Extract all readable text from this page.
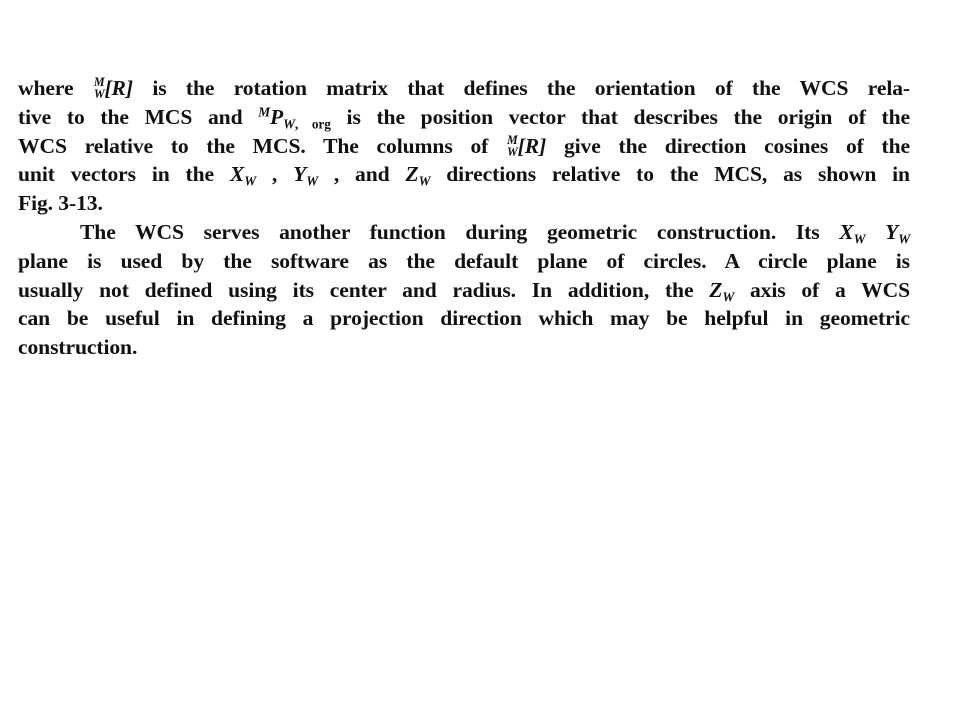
where M
W [R] is the rotation matrix that defines the orientation of the WCS rela-
tive to the MCS and $^MP_{W, org}$ is the position vector that describes the origin of the
WCS relative to the MCS. The columns of M
W [R] give the direction cosines of the
unit vectors in the $X_W$ , $Y_W$ , and $Z_W$ directions relative to the MCS, as shown in
Fig. 3-13.
The WCS serves another function during geometric construction. Its $X_W$ $Y_W$
plane is used by the software as the default plane of circles. A circle plane is
usually not defined using its center and radius. In addition, the $Z_W$ axis of a WCS
can be useful in defining a projection direction which may be helpful in geometric
construction.
